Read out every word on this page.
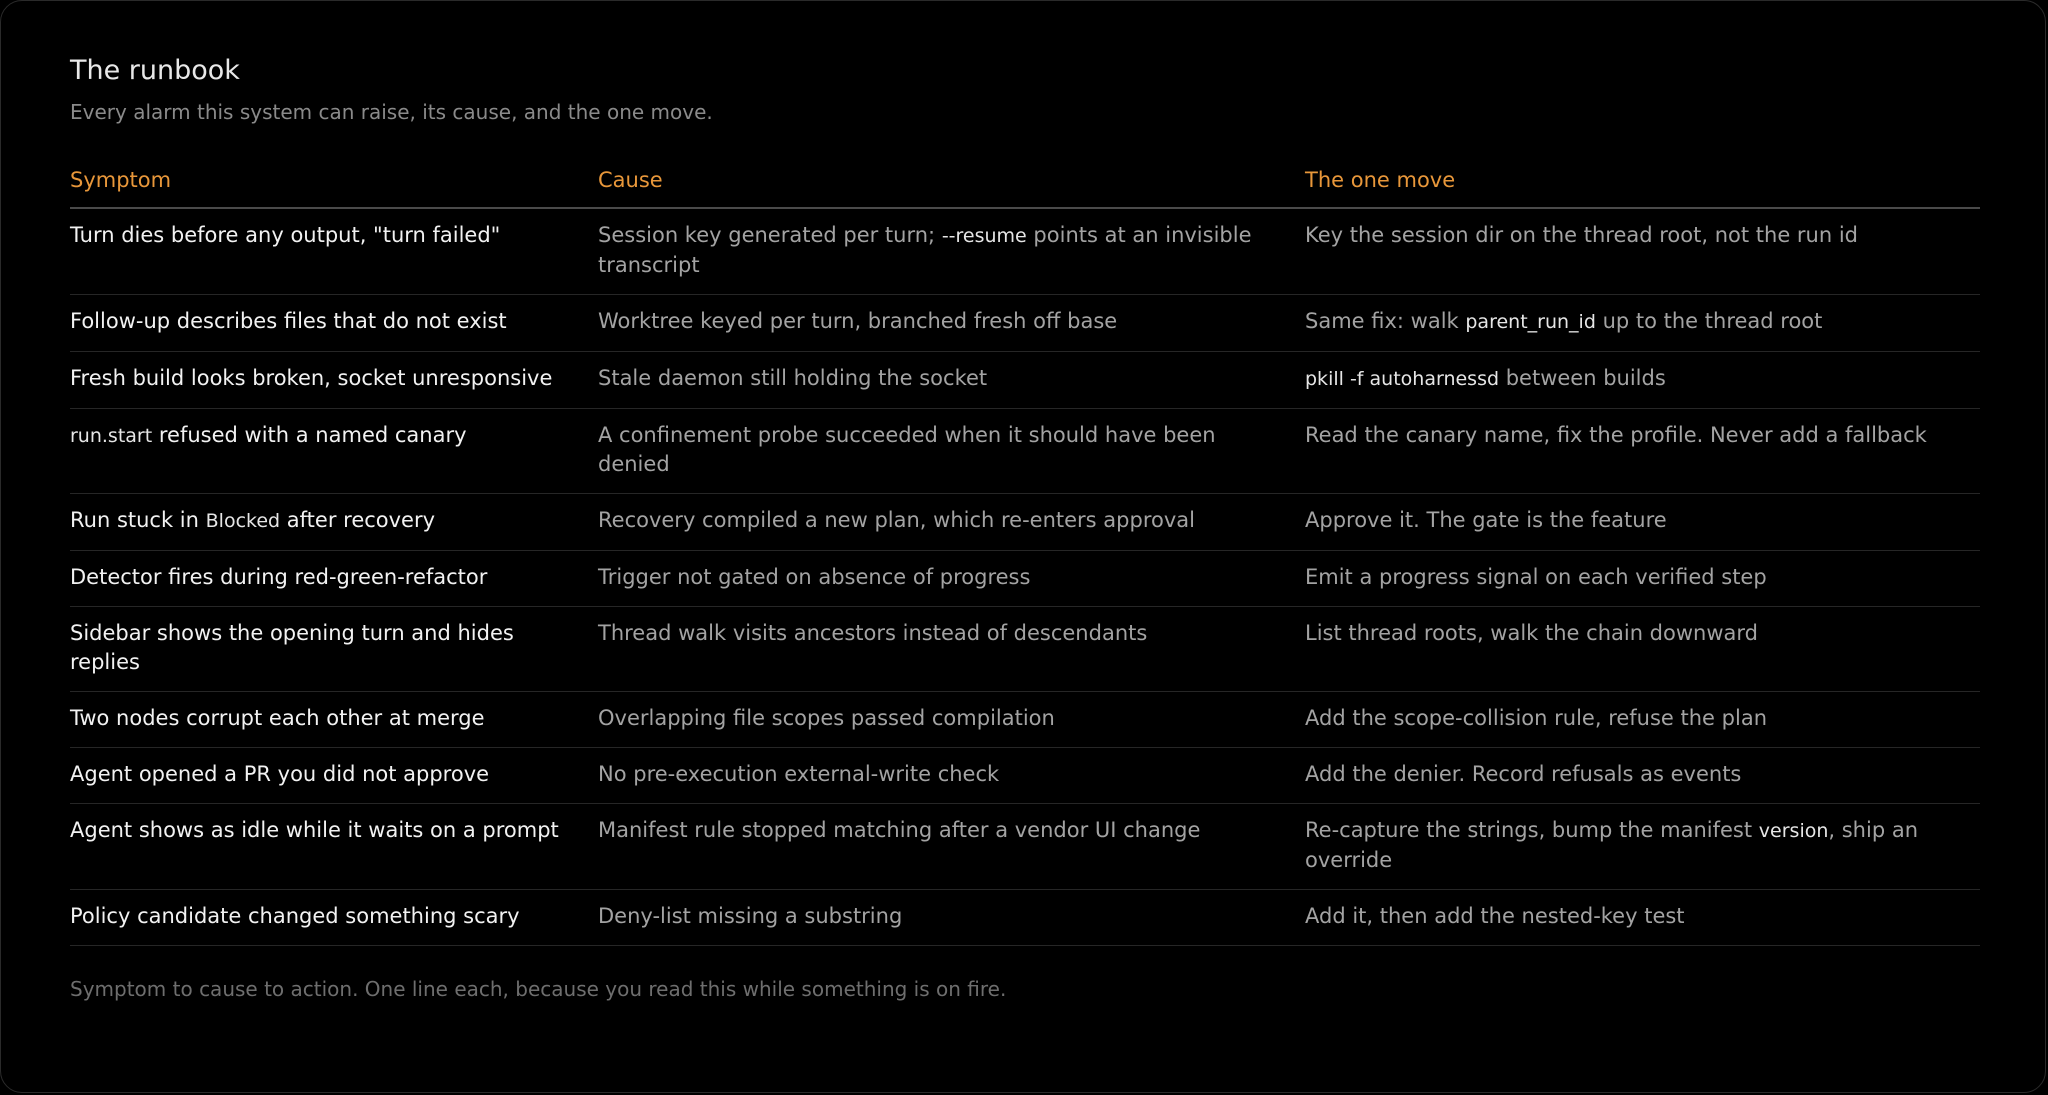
The runbook
Every alarm this system can raise, its cause, and the one move.
Symptom	Cause	The one move
Turn dies before any output, "turn failed"	Session key generated per turn; --resume points at an invisible transcript	Key the session dir on the thread root, not the run id
Follow-up describes files that do not exist	Worktree keyed per turn, branched fresh off base	Same fix: walk parent_run_id up to the thread root
Fresh build looks broken, socket unresponsive	Stale daemon still holding the socket	pkill -f autoharnessd between builds
run.start refused with a named canary	A confinement probe succeeded when it should have been denied	Read the canary name, fix the profile. Never add a fallback
Run stuck in Blocked after recovery	Recovery compiled a new plan, which re-enters approval	Approve it. The gate is the feature
Detector fires during red-green-refactor	Trigger not gated on absence of progress	Emit a progress signal on each verified step
Sidebar shows the opening turn and hides replies	Thread walk visits ancestors instead of descendants	List thread roots, walk the chain downward
Two nodes corrupt each other at merge	Overlapping file scopes passed compilation	Add the scope-collision rule, refuse the plan
Agent opened a PR you did not approve	No pre-execution external-write check	Add the denier. Record refusals as events
Agent shows as idle while it waits on a prompt	Manifest rule stopped matching after a vendor UI change	Re-capture the strings, bump the manifest version, ship an override
Policy candidate changed something scary	Deny-list missing a substring	Add it, then add the nested-key test
Symptom to cause to action. One line each, because you read this while something is on fire.
